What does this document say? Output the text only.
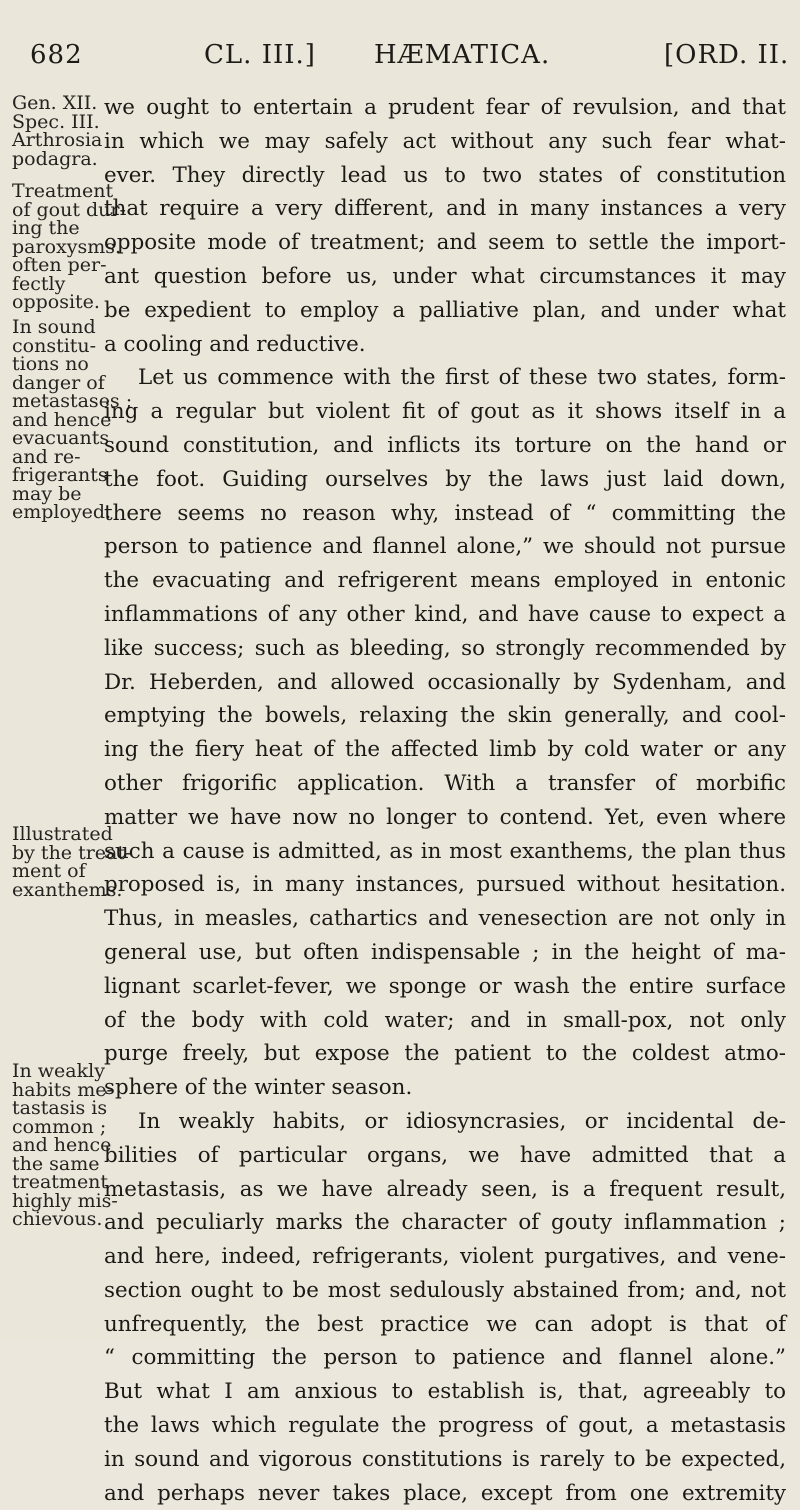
682	CL. III.] HÆMATICA.	[ORD. II.
Gen. XII.
Spec. III.
Arthrosia
podagra.
Treatment
of gout dur-
ing the
paroxysms.
often per-
fectly
opposite.
In sound
constitu-
tions no
danger of
metastases ;
and hence
evacuants
and re-
frigerants
may be
employed.
Illustrated
by the treat-
ment of
exanthems.
In weakly
habits me-
tastasis is
common ;
and hence
the same
treatment
highly mis-
chievous.
we ought to entertain a prudent fear of revulsion, and that
in which we may safely act without any such fear what-
ever. They directly lead us to two states of constitution
that require a very different, and in many instances a very
opposite mode of treatment; and seem to settle the import-
ant question before us, under what circumstances it may
be expedient to employ a palliative plan, and under what
a cooling and reductive.
Let us commence with the first of these two states, form-
ing a regular but violent fit of gout as it shows itself in a
sound constitution, and inflicts its torture on the hand or
the foot. Guiding ourselves by the laws just laid down,
there seems no reason why, instead of “ committing the
person to patience and flannel alone,” we should not pursue
the evacuating and refrigerent means employed in entonic
inflammations of any other kind, and have cause to expect a
like success; such as bleeding, so strongly recommended by
Dr. Heberden, and allowed occasionally by Sydenham, and
emptying the bowels, relaxing the skin generally, and cool-
ing the fiery heat of the affected limb by cold water or any
other frigorific application. With a transfer of morbific
matter we have now no longer to contend. Yet, even where
such a cause is admitted, as in most exanthems, the plan thus
proposed is, in many instances, pursued without hesitation.
Thus, in measles, cathartics and venesection are not only in
general use, but often indispensable ; in the height of ma-
lignant scarlet-fever, we sponge or wash the entire surface
of the body with cold water; and in small-pox, not only
purge freely, but expose the patient to the coldest atmo-
sphere of the winter season.
In weakly habits, or idiosyncrasies, or incidental de-
bilities of particular organs, we have admitted that a
metastasis, as we have already seen, is a frequent result,
and peculiarly marks the character of gouty inflammation ;
and here, indeed, refrigerants, violent purgatives, and vene-
section ought to be most sedulously abstained from; and, not
unfrequently, the best practice we can adopt is that of
“ committing the person to patience and flannel alone.”
But what I am anxious to establish is, that, agreeably to
the laws which regulate the progress of gout, a metastasis
in sound and vigorous constitutions is rarely to be expected,
and perhaps never takes place, except from one extremity
